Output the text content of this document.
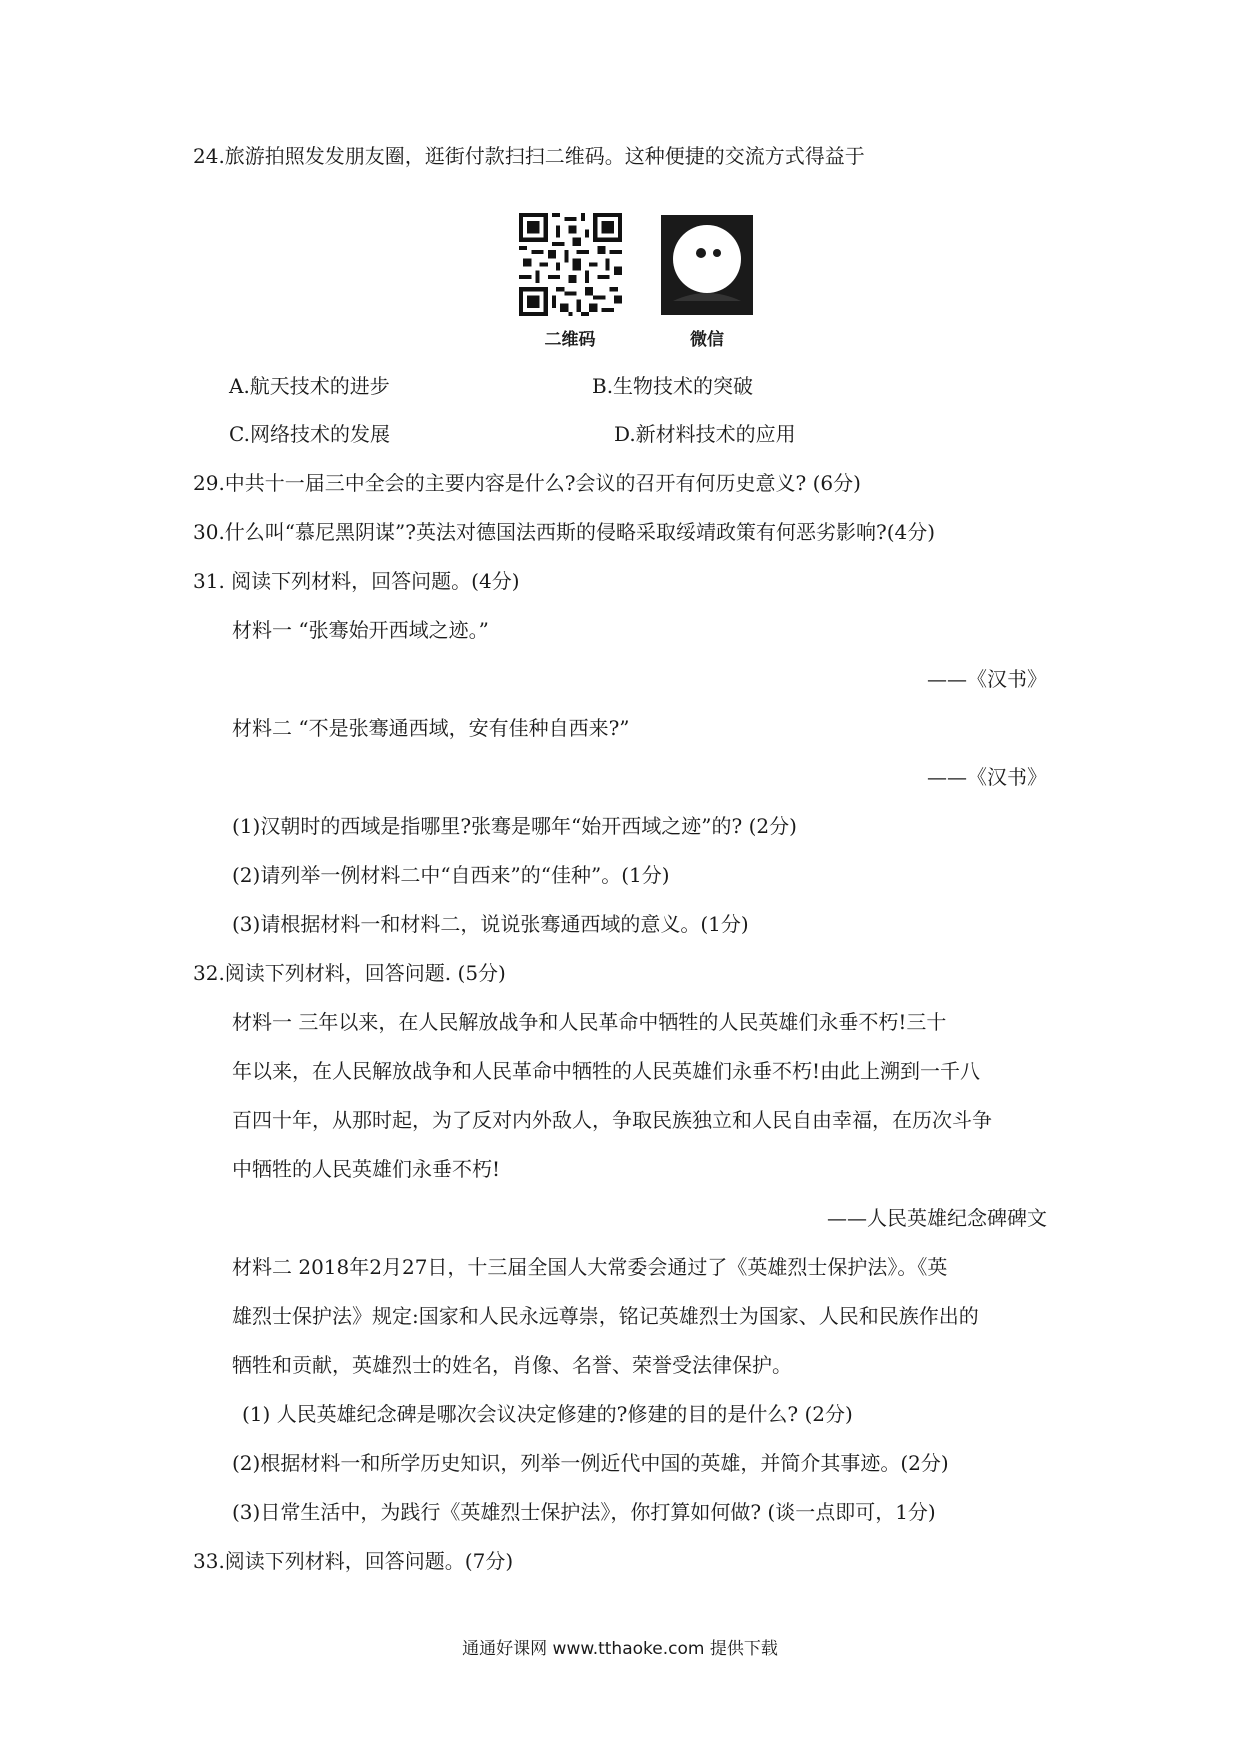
24.旅游拍照发发朋友圈，逛街付款扫扫二维码。这种便捷的交流方式得益于
二维码	微信
A.航天技术的进步	B.生物技术的突破
C.网络技术的发展	D.新材料技术的应用
29.中共十一届三中全会的主要内容是什么?会议的召开有何历史意义? (6分)
30.什么叫“慕尼黑阴谋”?英法对德国法西斯的侵略采取绥靖政策有何恶劣影响?(4分)
31. 阅读下列材料，回答问题。(4分)
材料一 “张骞始开西域之迹。”
——《汉书》
材料二 “不是张骞通西域，安有佳种自西来?”
——《汉书》
(1)汉朝时的西域是指哪里?张骞是哪年“始开西域之迹”的? (2分)
(2)请列举一例材料二中“自西来”的“佳种”。(1分)
(3)请根据材料一和材料二，说说张骞通西域的意义。(1分)
32.阅读下列材料，回答问题. (5分)
材料一 三年以来，在人民解放战争和人民革命中牺牲的人民英雄们永垂不朽!三十
年以来，在人民解放战争和人民革命中牺牲的人民英雄们永垂不朽!由此上溯到一千八
百四十年，从那时起，为了反对内外敌人，争取民族独立和人民自由幸福，在历次斗争
中牺牲的人民英雄们永垂不朽!
——人民英雄纪念碑碑文
材料二 2018年2月27日，十三届全国人大常委会通过了《英雄烈士保护法》。《英
雄烈士保护法》规定:国家和人民永远尊崇，铭记英雄烈士为国家、人民和民族作出的
牺牲和贡献，英雄烈士的姓名，肖像、名誉、荣誉受法律保护。
(1) 人民英雄纪念碑是哪次会议决定修建的?修建的目的是什么? (2分)
(2)根据材料一和所学历史知识，列举一例近代中国的英雄，并简介其事迹。(2分)
(3)日常生活中，为践行《英雄烈士保护法》，你打算如何做? (谈一点即可，1分)
33.阅读下列材料，回答问题。(7分)
通通好课网 www.tthaoke.com 提供下载
